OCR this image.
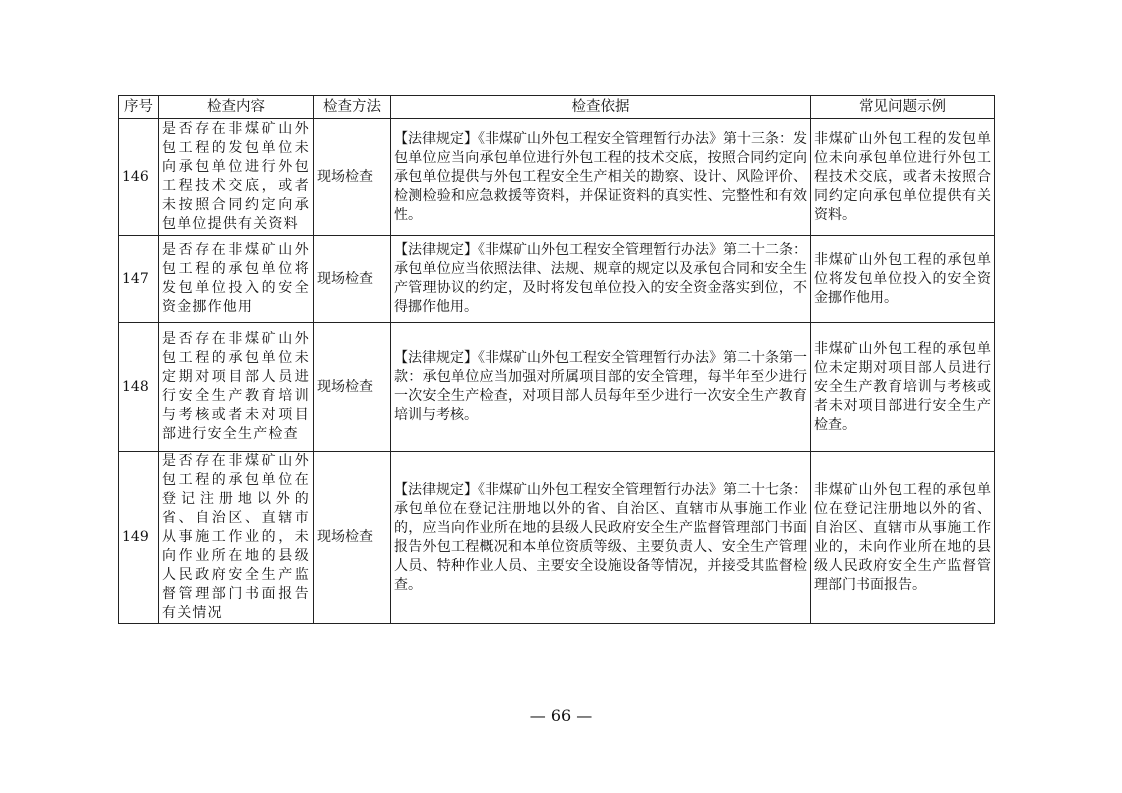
序号	检查内容	检查方法	检查依据	常见问题示例
146	是否存在非煤矿山外包工程的发包单位未向承包单位进行外包工程技术交底，或者未按照合同约定向承包单位提供有关资料	现场检查	【法律规定】《非煤矿山外包工程安全管理暂行办法》第十三条：发包单位应当向承包单位进行外包工程的技术交底，按照合同约定向承包单位提供与外包工程安全生产相关的勘察、设计、风险评价、检测检验和应急救援等资料，并保证资料的真实性、完整性和有效性。	非煤矿山外包工程的发包单位未向承包单位进行外包工程技术交底，或者未按照合同约定向承包单位提供有关资料。
147	是否存在非煤矿山外包工程的承包单位将发包单位投入的安全资金挪作他用	现场检查	【法律规定】《非煤矿山外包工程安全管理暂行办法》第二十二条：承包单位应当依照法律、法规、规章的规定以及承包合同和安全生产管理协议的约定，及时将发包单位投入的安全资金落实到位，不得挪作他用。	非煤矿山外包工程的承包单位将发包单位投入的安全资金挪作他用。
148	是否存在非煤矿山外包工程的承包单位未定期对项目部人员进行安全生产教育培训与考核或者未对项目部进行安全生产检查	现场检查	【法律规定】《非煤矿山外包工程安全管理暂行办法》第二十条第一款：承包单位应当加强对所属项目部的安全管理，每半年至少进行一次安全生产检查，对项目部人员每年至少进行一次安全生产教育培训与考核。	非煤矿山外包工程的承包单位未定期对项目部人员进行安全生产教育培训与考核或者未对项目部进行安全生产检查。
149	是否存在非煤矿山外包工程的承包单位在登记注册地以外的省、自治区、直辖市从事施工作业的，未向作业所在地的县级人民政府安全生产监督管理部门书面报告有关情况	现场检查	【法律规定】《非煤矿山外包工程安全管理暂行办法》第二十七条：承包单位在登记注册地以外的省、自治区、直辖市从事施工作业的，应当向作业所在地的县级人民政府安全生产监督管理部门书面报告外包工程概况和本单位资质等级、主要负责人、安全生产管理人员、特种作业人员、主要安全设施设备等情况，并接受其监督检查。	非煤矿山外包工程的承包单位在登记注册地以外的省、自治区、直辖市从事施工作业的，未向作业所在地的县级人民政府安全生产监督管理部门书面报告。
— 66 —
